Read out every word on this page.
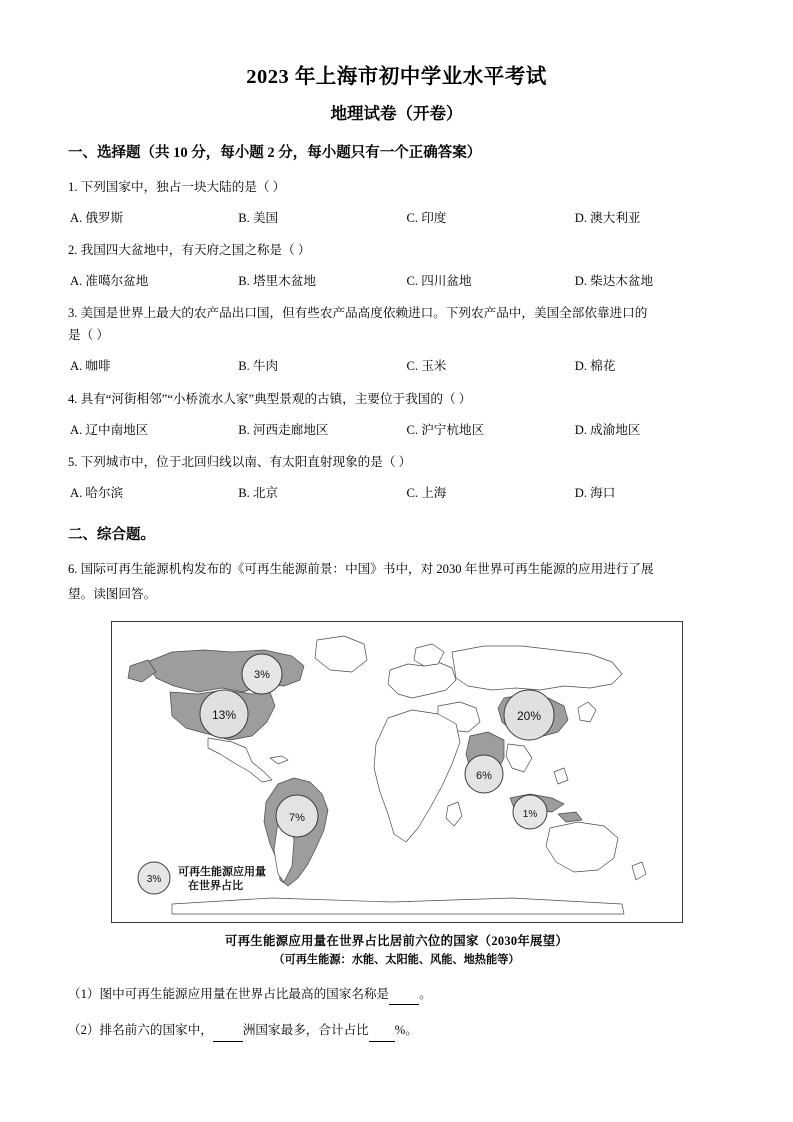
2023 年上海市初中学业水平考试
地理试卷（开卷）
一、选择题（共 10 分，每小题 2 分，每小题只有一个正确答案）
1. 下列国家中，独占一块大陆的是（ ）
A. 俄罗斯	B. 美国	C. 印度	D. 澳大利亚
2. 我国四大盆地中，有天府之国之称是（ ）
A. 准噶尔盆地	B. 塔里木盆地	C. 四川盆地	D. 柴达木盆地
3. 美国是世界上最大的农产品出口国，但有些农产品高度依赖进口。下列农产品中，美国全部依靠进口的
是（ ）
A. 咖啡	B. 牛肉	C. 玉米	D. 棉花
4. 具有“河街相邻”“小桥流水人家”典型景观的古镇，主要位于我国的（ ）
A. 辽中南地区	B. 河西走廊地区	C. 沪宁杭地区	D. 成渝地区
5. 下列城市中，位于北回归线以南、有太阳直射现象的是（ ）
A. 哈尔滨	B. 北京	C. 上海	D. 海口
二、综合题。
6. 国际可再生能源机构发布的《可再生能源前景：中国》书中，对 2030 年世界可再生能源的应用进行了展
望。读图回答。
3%
13%
7%
20%
6%
1%
3%
可再生能源应用量
在世界占比
可再生能源应用量在世界占比居前六位的国家（2030年展望）
（可再生能源：水能、太阳能、风能、地热能等）
（1）图中可再生能源应用量在世界占比最高的国家名称是 。
（2）排名前六的国家中， 洲国家最多，合计占比 %。
